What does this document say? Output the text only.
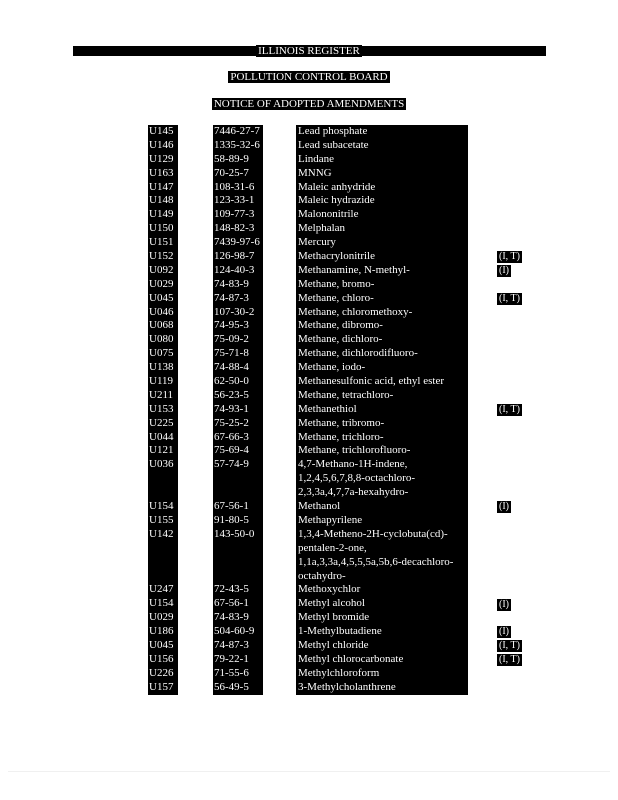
ILLINOIS REGISTER
POLLUTION CONTROL BOARD
NOTICE OF ADOPTED AMENDMENTS
U145
U146
U129
U163
U147
U148
U149
U150
U151
U152
U092
U029
U045
U046
U068
U080
U075
U138
U119
U211
U153
U225
U044
U121
U036
U154
U155
U142
U247
U154
U029
U186
U045
U156
U226
U157
7446-27-7
1335-32-6
58-89-9
70-25-7
108-31-6
123-33-1
109-77-3
148-82-3
7439-97-6
126-98-7
124-40-3
74-83-9
74-87-3
107-30-2
74-95-3
75-09-2
75-71-8
74-88-4
62-50-0
56-23-5
74-93-1
75-25-2
67-66-3
75-69-4
57-74-9
67-56-1
91-80-5
143-50-0
72-43-5
67-56-1
74-83-9
504-60-9
74-87-3
79-22-1
71-55-6
56-49-5
Lead phosphate
Lead subacetate
Lindane
MNNG
Maleic anhydride
Maleic hydrazide
Malononitrile
Melphalan
Mercury
Methacrylonitrile
Methanamine, N-methyl-
Methane, bromo-
Methane, chloro-
Methane, chloromethoxy-
Methane, dibromo-
Methane, dichloro-
Methane, dichlorodifluoro-
Methane, iodo-
Methanesulfonic acid, ethyl ester
Methane, tetrachloro-
Methanethiol
Methane, tribromo-
Methane, trichloro-
Methane, trichlorofluoro-
4,7-Methano-1H-indene,
1,2,4,5,6,7,8,8-octachloro-
2,3,3a,4,7,7a-hexahydro-
Methanol
Methapyrilene
1,3,4-Metheno-2H-cyclobuta(cd)-
pentalen-2-one,
1,1a,3,3a,4,5,5,5a,5b,6-decachloro-
octahydro-
Methoxychlor
Methyl alcohol
Methyl bromide
1-Methylbutadiene
Methyl chloride
Methyl chlorocarbonate
Methylchloroform
3-Methylcholanthrene
(I, T)
(I)
(I, T)
(I, T)
(I)
(I)
(I)
(I, T)
(I, T)
